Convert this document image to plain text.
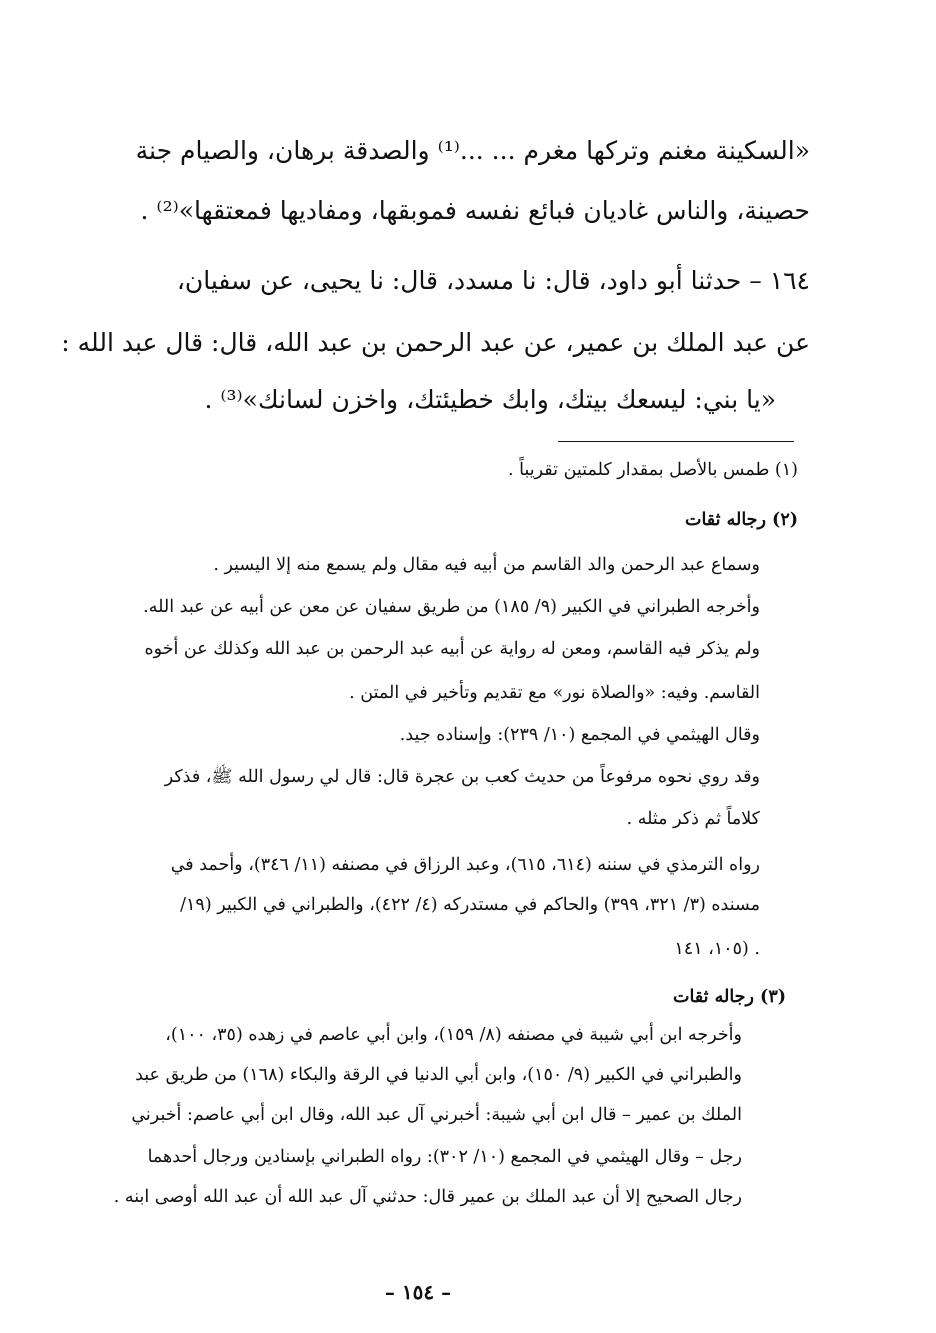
«السكينة مغنم وتركها مغرم ... ...⁽¹⁾ والصدقة برهان، والصيام جنة
حصينة، والناس غاديان فبائع نفسه فموبقها، ومفاديها فمعتقها»⁽²⁾ .
١٦٤ – حدثنا أبو داود، قال: نا مسدد، قال: نا يحيى، عن سفيان،
عن عبد الملك بن عمير، عن عبد الرحمن بن عبد الله، قال: قال عبد الله :
«يا بني: ليسعك بيتك، وابك خطيئتك، واخزن لسانك»⁽³⁾ .
(١) طمس بالأصل بمقدار كلمتين تقريباً .
(٢) رجاله ثقات
وسماع عبد الرحمن والد القاسم من أبيه فيه مقال ولم يسمع منه إلا اليسير .
وأخرجه الطبراني في الكبير (٩/ ١٨٥) من طريق سفيان عن معن عن أبيه عن عبد الله.
ولم يذكر فيه القاسم، ومعن له رواية عن أبيه عبد الرحمن بن عبد الله وكذلك عن أخوه
القاسم. وفيه: «والصلاة نور» مع تقديم وتأخير في المتن .
وقال الهيثمي في المجمع (١٠/ ٢٣٩): وإسناده جيد.
وقد روي نحوه مرفوعاً من حديث كعب بن عجرة قال: قال لي رسول الله ﷺ، فذكر
كلاماً ثم ذكر مثله .
رواه الترمذي في سننه (٦١٤، ٦١٥)، وعبد الرزاق في مصنفه (١١/ ٣٤٦)، وأحمد في
مسنده (٣/ ٣٢١، ٣٩٩) والحاكم في مستدركه (٤/ ٤٢٢)، والطبراني في الكبير (١٩/
١٠٥، ١٤١) .
(٣) رجاله ثقات
وأخرجه ابن أبي شيبة في مصنفه (٨/ ١٥٩)، وابن أبي عاصم في زهده (٣٥، ١٠٠)،
والطبراني في الكبير (٩/ ١٥٠)، وابن أبي الدنيا في الرقة والبكاء (١٦٨) من طريق عبد
الملك بن عمير – قال ابن أبي شيبة: أخبرني آل عبد الله، وقال ابن أبي عاصم: أخبرني
رجل – وقال الهيثمي في المجمع (١٠/ ٣٠٢): رواه الطبراني بإسنادين ورجال أحدهما
رجال الصحيح إلا أن عبد الملك بن عمير قال: حدثني آل عبد الله أن عبد الله أوصى ابنه .
– ١٥٤ –
